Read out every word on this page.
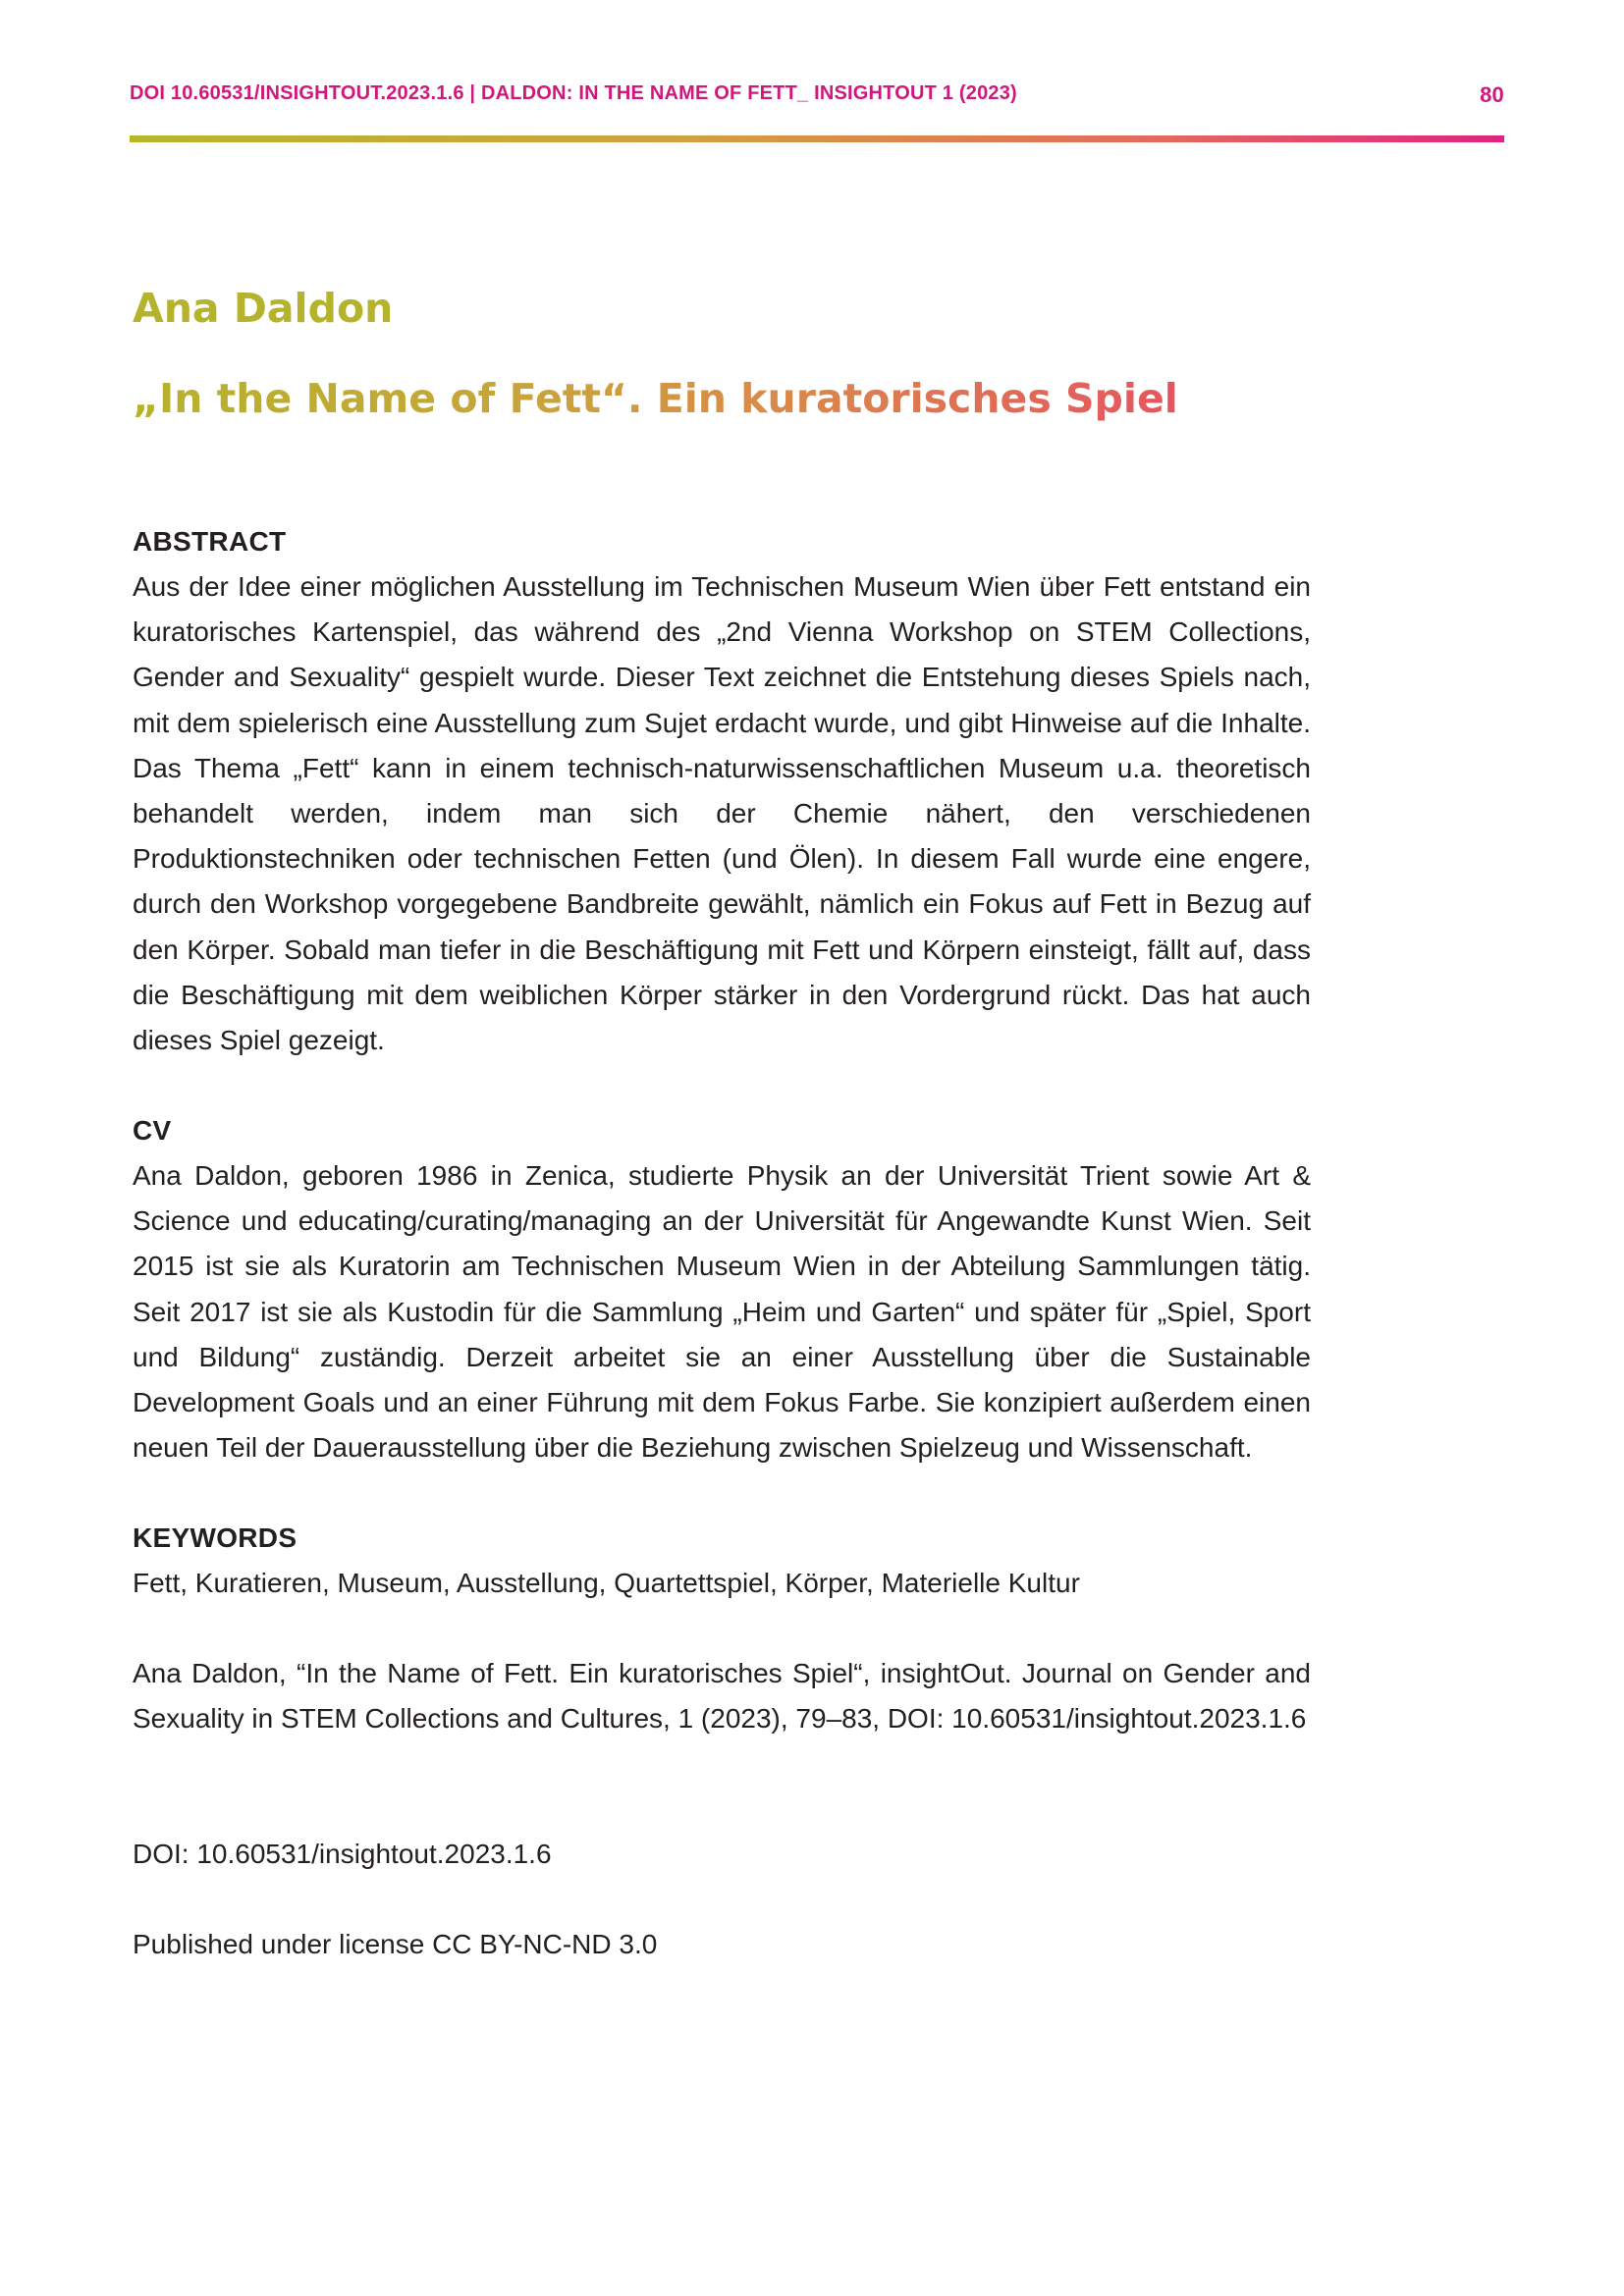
DOI 10.60531/INSIGHTOUT.2023.1.6 | DALDON: IN THE NAME OF FETT_ INSIGHTOUT 1 (2023)	80
Ana Daldon
„In the Name of Fett“. Ein kuratorisches Spiel
ABSTRACT

Aus der Idee einer möglichen Ausstellung im Technischen Museum Wien über Fett entstand ein kuratorisches Kartenspiel, das während des „2nd Vienna Workshop on STEM Collections, Gender and Sexuality“ gespielt wurde. Dieser Text zeichnet die Entstehung dieses Spiels nach, mit dem spielerisch eine Ausstellung zum Sujet erdacht wurde, und gibt Hinweise auf die Inhalte. Das Thema „Fett“ kann in einem technisch-naturwissenschaftlichen Museum u.a. theoretisch behandelt werden, indem man sich der Chemie nähert, den verschiedenen Produktionstechniken oder technischen Fetten (und Ölen). In diesem Fall wurde eine engere, durch den Workshop vorgegebene Bandbreite gewählt, nämlich ein Fokus auf Fett in Bezug auf den Körper. Sobald man tiefer in die Beschäftigung mit Fett und Körpern einsteigt, fällt auf, dass die Beschäftigung mit dem weiblichen Körper stärker in den Vordergrund rückt. Das hat auch dieses Spiel gezeigt.

CV

Ana Daldon, geboren 1986 in Zenica, studierte Physik an der Universität Trient sowie Art & Science und educating/curating/managing an der Universität für Angewandte Kunst Wien. Seit 2015 ist sie als Kuratorin am Technischen Museum Wien in der Abteilung Sammlungen tätig. Seit 2017 ist sie als Kustodin für die Sammlung „Heim und Garten“ und später für „Spiel, Sport und Bildung“ zuständig. Derzeit arbeitet sie an einer Ausstellung über die Sustainable Development Goals und an einer Führung mit dem Fokus Farbe. Sie konzipiert außerdem einen neuen Teil der Dauerausstellung über die Beziehung zwischen Spielzeug und Wissenschaft.

KEYWORDS

Fett, Kuratieren, Museum, Ausstellung, Quartettspiel, Körper, Materielle Kultur

Ana Daldon, “In the Name of Fett. Ein kuratorisches Spiel“, insightOut. Journal on Gender and Sexuality in STEM Collections and Cultures, 1 (2023), 79–83, DOI: 10.60531/insightout.2023.1.6

DOI: 10.60531/insightout.2023.1.6

Published under license CC BY-NC-ND 3.0
